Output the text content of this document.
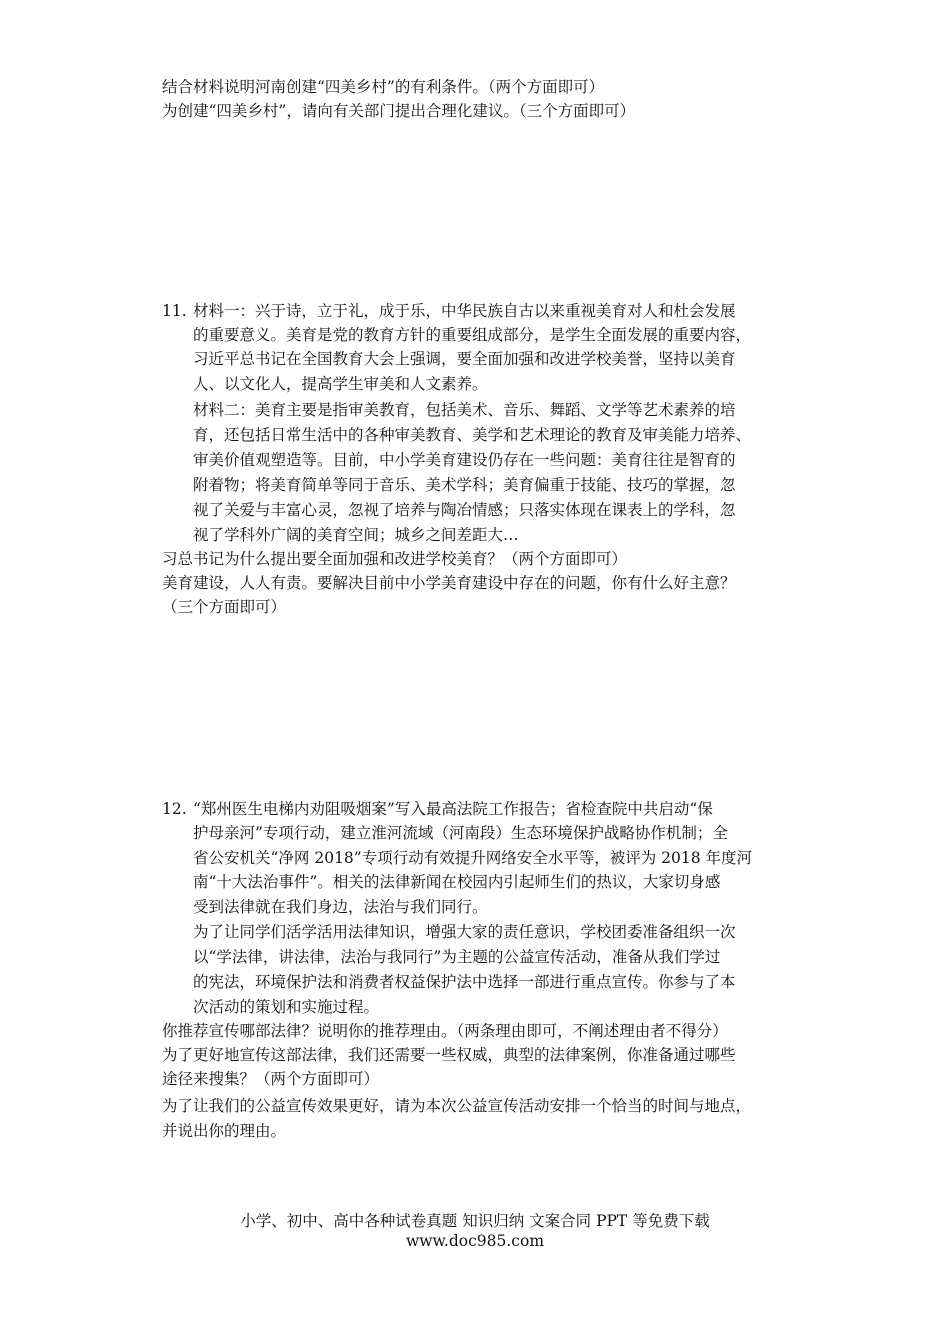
结合材料说明河南创建“四美乡村”的有利条件。（两个方面即可）
为创建“四美乡村”，请向有关部门提出合理化建议。（三个方面即可）
11. 材料一：兴于诗，立于礼，成于乐，中华民族自古以来重视美育对人和杜会发展
的重要意义。美育是党的教育方针的重要组成部分，是学生全面发展的重要内容，
习近平总书记在全国教育大会上强调，要全面加强和改进学校美誉，坚持以美育
人、以文化人，提高学生审美和人文素养。
材料二：美育主要是指审美教育，包括美术、音乐、舞蹈、文学等艺术素养的培
育，还包括日常生活中的各种审美教育、美学和艺术理论的教育及审美能力培养、
审美价值观塑造等。目前，中小学美育建设仍存在一些问题：美育往往是智育的
附着物；将美育简单等同于音乐、美术学科；美育偏重于技能、技巧的掌握，忽
视了关爱与丰富心灵，忽视了培养与陶冶情感；只落实体现在课表上的学科，忽
视了学科外广阔的美育空间；城乡之间差距大…
习总书记为什么提出要全面加强和改进学校美育？（两个方面即可）
美育建设，人人有责。要解决目前中小学美育建设中存在的问题，你有什么好主意？
（三个方面即可）
12. “郑州医生电梯内劝阻吸烟案”写入最高法院工作报告；省检查院中共启动“保
护母亲河”专项行动，建立淮河流域（河南段）生态环境保护战略协作机制；全
省公安机关“净网 2018”专项行动有效提升网络安全水平等，被评为 2018 年度河
南“十大法治事件”。相关的法律新闻在校园内引起师生们的热议，大家切身感
受到法律就在我们身边，法治与我们同行。
为了让同学们活学活用法律知识，增强大家的责任意识，学校团委准备组织一次
以“学法律，讲法律，法治与我同行”为主题的公益宣传活动，准备从我们学过
的宪法，环境保护法和消费者权益保护法中选择一部进行重点宣传。你参与了本
次活动的策划和实施过程。
你推荐宣传哪部法律？说明你的推荐理由。（两条理由即可，不阐述理由者不得分）
为了更好地宣传这部法律，我们还需要一些权威，典型的法律案例，你准备通过哪些
途径来搜集？（两个方面即可）
为了让我们的公益宣传效果更好，请为本次公益宣传活动安排一个恰当的时间与地点，
并说出你的理由。
小学、初中、高中各种试卷真题 知识归纳 文案合同 PPT 等免费下载
www.doc985.com
